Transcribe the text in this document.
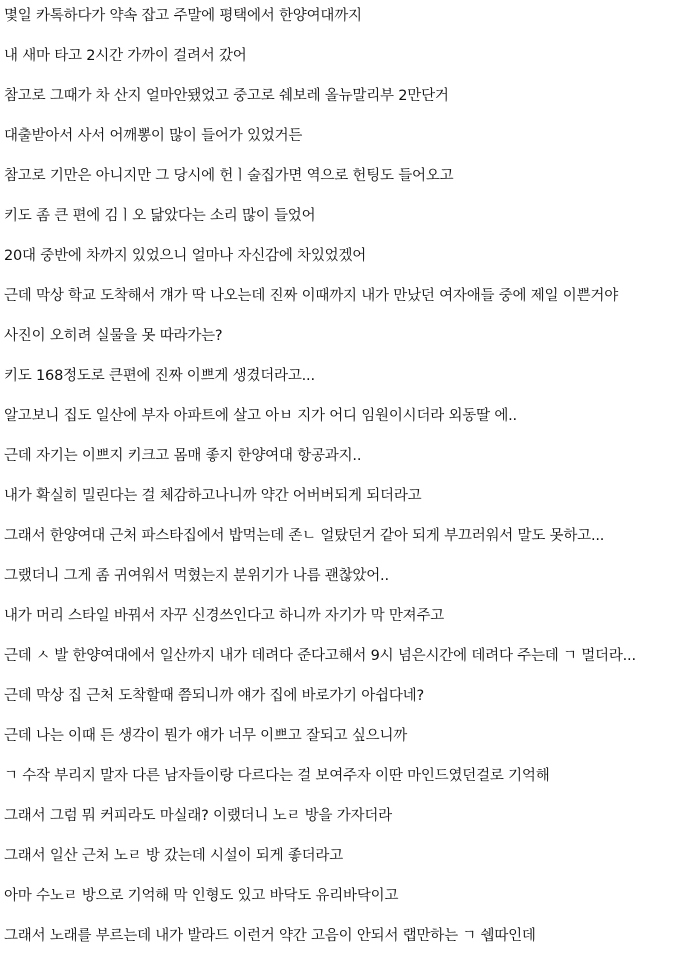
몇일 카톡하다가 약속 잡고 주말에 평택에서 한양여대까지
내 새마 타고 2시간 가까이 걸려서 갔어
참고로 그때가 차 산지 얼마안됐었고 중고로 쉐보레 올뉴말리부 2만단거
대출받아서 사서 어깨뽕이 많이 들어가 있었거든
참고로 기만은 아니지만 그 당시에 헌ㅣ술집가면 역으로 헌팅도 들어오고
키도 좀 큰 편에 김ㅣ오 닮았다는 소리 많이 들었어
20대 중반에 차까지 있었으니 얼마나 자신감에 차있었겠어
근데 막상 학교 도착해서 걔가 딱 나오는데 진짜 이때까지 내가 만났던 여자애들 중에 제일 이쁜거야
사진이 오히려 실물을 못 따라가는?
키도 168정도로 큰편에 진짜 이쁘게 생겼더라고...
알고보니 집도 일산에 부자 아파트에 살고 아ㅂ 지가 어디 임원이시더라 외동딸 에..
근데 자기는 이쁘지 키크고 몸매 좋지 한양여대 항공과지..
내가 확실히 밀린다는 걸 체감하고나니까 약간 어버버되게 되더라고
그래서 한양여대 근처 파스타집에서 밥먹는데 존ㄴ 얼탔던거 같아 되게 부끄러워서 말도 못하고...
그랬더니 그게 좀 귀여워서 먹혔는지 분위기가 나름 괜찮았어..
내가 머리 스타일 바꿔서 자꾸 신경쓰인다고 하니까 자기가 막 만져주고
근데 ㅅ 발 한양여대에서 일산까지 내가 데려다 준다고해서 9시 넘은시간에 데려다 주는데 ㄱ 멀더라...
근데 막상 집 근처 도착할때 쯤되니까 얘가 집에 바로가기 아쉽다네?
근데 나는 이때 든 생각이 뭔가 얘가 너무 이쁘고 잘되고 싶으니까
ㄱ 수작 부리지 말자 다른 남자들이랑 다르다는 걸 보여주자 이딴 마인드였던걸로 기억해
그래서 그럼 뭐 커피라도 마실래? 이랬더니 노ㄹ 방을 가자더라
그래서 일산 근처 노ㄹ 방 갔는데 시설이 되게 좋더라고
아마 수노ㄹ 방으로 기억해 막 인형도 있고 바닥도 유리바닥이고
그래서 노래를 부르는데 내가 발라드 이런거 약간 고음이 안되서 랩만하는 ㄱ 쉡따인데
